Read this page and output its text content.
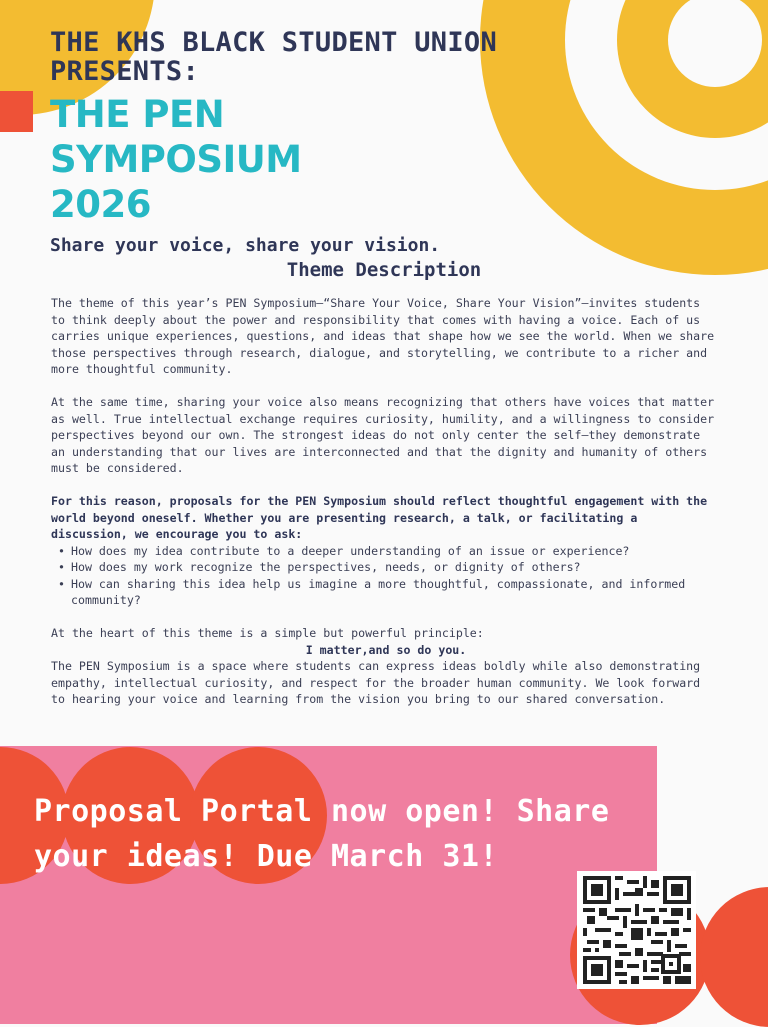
THE KHS BLACK STUDENT UNION PRESENTS:

THE PEN
SYMPOSIUM
2026

Share your voice, share your vision.

Theme Description

The theme of this year’s PEN Symposium—“Share Your Voice, Share Your Vision”—invites students to think deeply about the power and responsibility that comes with having a voice. Each of us carries unique experiences, questions, and ideas that shape how we see the world. When we share those perspectives through research, dialogue, and storytelling, we contribute to a richer and more thoughtful community.

At the same time, sharing your voice also means recognizing that others have voices that matter as well. True intellectual exchange requires curiosity, humility, and a willingness to consider perspectives beyond our own. The strongest ideas do not only center the self—they demonstrate an understanding that our lives are interconnected and that the dignity and humanity of others must be considered.

For this reason, proposals for the PEN Symposium should reflect thoughtful engagement with the world beyond oneself. Whether you are presenting research, a talk, or facilitating a discussion, we encourage you to ask:

• How does my idea contribute to a deeper understanding of an issue or experience?
• How does my work recognize the perspectives, needs, or dignity of others?
• How can sharing this idea help us imagine a more thoughtful, compassionate, and informed community?

At the heart of this theme is a simple but powerful principle:

I matter,and so do you.

The PEN Symposium is a space where students can express ideas boldly while also demonstrating empathy, intellectual curiosity, and respect for the broader human community. We look forward to hearing your voice and learning from the vision you bring to our shared conversation.

Proposal Portal now open! Share your ideas! Due March 31!
